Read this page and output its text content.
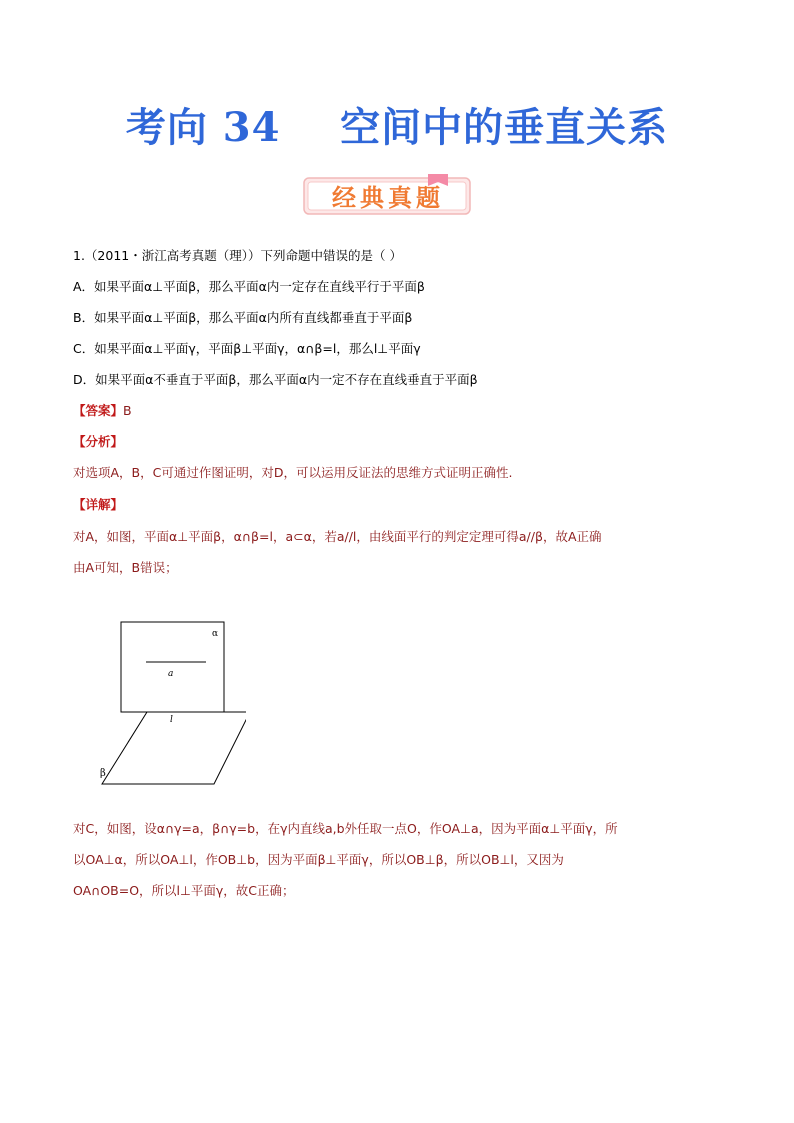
考向 34    空间中的垂直关系
经典真题
1.（2011・浙江高考真题（理））下列命题中错误的是（ ）
A．如果平面α⊥平面β，那么平面α内一定存在直线平行于平面β
B．如果平面α⊥平面β，那么平面α内所有直线都垂直于平面β
C．如果平面α⊥平面γ，平面β⊥平面γ，α∩β=l，那么l⊥平面γ
D．如果平面α不垂直于平面β，那么平面α内一定不存在直线垂直于平面β
【答案】B
【分析】
对选项A，B，C可通过作图证明，对D，可以运用反证法的思维方式证明正确性.
【详解】
对A，如图，平面α⊥平面β，α∩β=l，a⊂α，若a//l，由线面平行的判定定理可得a//β，故A正确
由A可知，B错误；
α
a
l
β
对C，如图，设α∩γ=a，β∩γ=b，在γ内直线a,b外任取一点O，作OA⊥a，因为平面α⊥平面γ，所
以OA⊥α，所以OA⊥l，作OB⊥b，因为平面β⊥平面γ，所以OB⊥β，所以OB⊥l，又因为
OA∩OB=O，所以l⊥平面γ，故C正确；
